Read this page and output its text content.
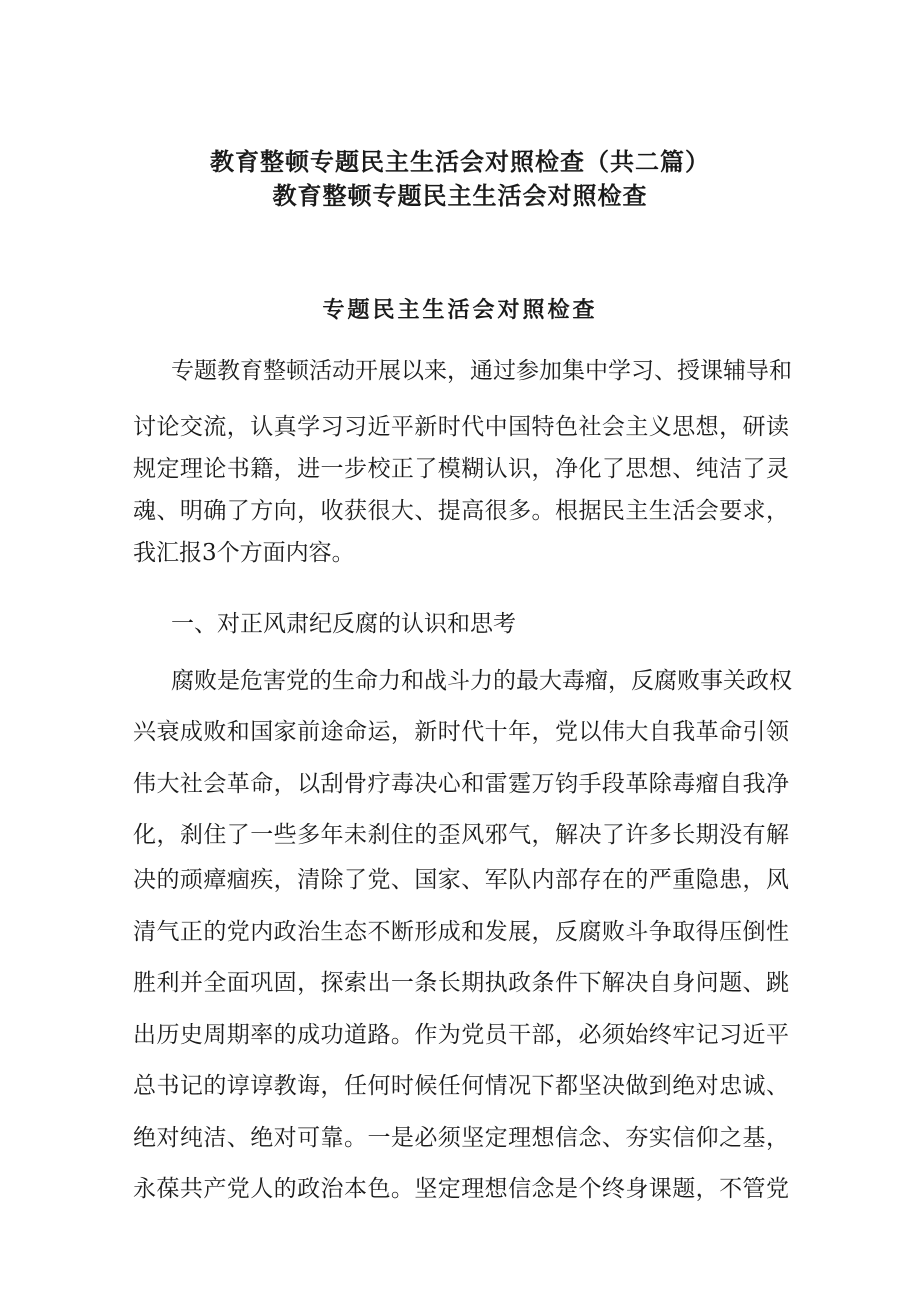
教育整顿专题民主生活会对照检查（共二篇）
教育整顿专题民主生活会对照检查
专题民主生活会对照检查

专题教育整顿活动开展以来，通过参加集中学习、授课辅导和

讨论交流，认真学习习近平新时代中国特色社会主义思想，研读

规定理论书籍，进一步校正了模糊认识，净化了思想、纯洁了灵

魂、明确了方向，收获很大、提高很多。根据民主生活会要求，

我汇报3个方面内容。

一、对正风肃纪反腐的认识和思考

腐败是危害党的生命力和战斗力的最大毒瘤，反腐败事关政权

兴衰成败和国家前途命运，新时代十年，党以伟大自我革命引领

伟大社会革命，以刮骨疗毒决心和雷霆万钧手段革除毒瘤自我净

化，刹住了一些多年未刹住的歪风邪气，解决了许多长期没有解

决的顽瘴痼疾，清除了党、国家、军队内部存在的严重隐患，风

清气正的党内政治生态不断形成和发展，反腐败斗争取得压倒性

胜利并全面巩固，探索出一条长期执政条件下解决自身问题、跳

出历史周期率的成功道路。作为党员干部，必须始终牢记习近平

总书记的谆谆教诲，任何时候任何情况下都坚决做到绝对忠诚、

绝对纯洁、绝对可靠。一是必须坚定理想信念、夯实信仰之基，

永葆共产党人的政治本色。坚定理想信念是个终身课题，不管党
